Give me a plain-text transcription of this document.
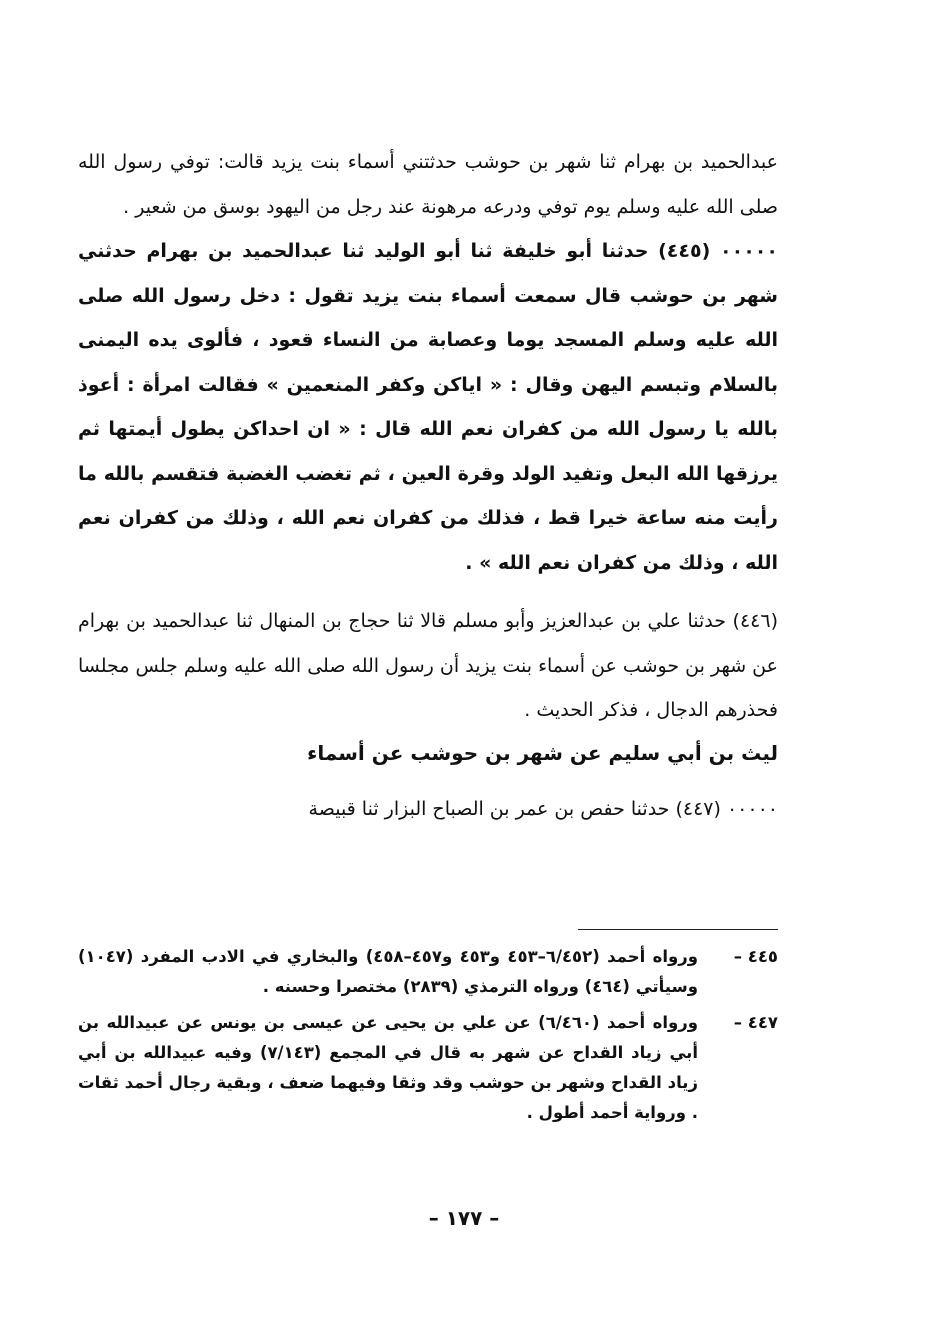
عبدالحميد بن بهرام ثنا شهر بن حوشب حدثتني أسماء بنت يزيد قالت: توفي رسول الله صلى الله عليه وسلم يوم توفي ودرعه مرهونة عند رجل من اليهود بوسق من شعير .

٠٠٠٠٠ (٤٤٥) حدثنا أبو خليفة ثنا أبو الوليد ثنا عبدالحميد بن بهرام حدثني شهر بن حوشب قال سمعت أسماء بنت يزيد تقول : دخل رسول الله صلى الله عليه وسلم المسجد يوما وعصابة من النساء قعود ، فألوى يده اليمنى بالسلام وتبسم اليهن وقال : « اياكن وكفر المنعمين » فقالت امرأة : أعوذ بالله يا رسول الله من كفران نعم الله قال : « ان احداكن يطول أيمتها ثم يرزقها الله البعل وتفيد الولد وقرة العين ، ثم تغضب الغضبة فتقسم بالله ما رأيت منه ساعة خيرا قط ، فذلك من كفران نعم الله ، وذلك من كفران نعم الله ، وذلك من كفران نعم الله » .

(٤٤٦) حدثنا علي بن عبدالعزيز وأبو مسلم قالا ثنا حجاج بن المنهال ثنا عبدالحميد بن بهرام عن شهر بن حوشب عن أسماء بنت يزيد أن رسول الله صلى الله عليه وسلم جلس مجلسا فحذرهم الدجال ، فذكر الحديث .

ليث بن أبي سليم عن شهر بن حوشب عن أسماء

٠٠٠٠٠ (٤٤٧) حدثنا حفص بن عمر بن الصباح البزار ثنا قبيصة

٤٤٥ –
ورواه أحمد (٦/٤٥٢–٤٥٣ و٤٥٣ و٤٥٧–٤٥٨) والبخاري في الادب المفرد (١٠٤٧) وسيأتي (٤٦٤) ورواه الترمذي (٢٨٣٩) مختصرا وحسنه .
٤٤٧ –
ورواه أحمد (٦/٤٦٠) عن علي بن يحيى عن عيسى بن يونس عن عبيدالله بن أبي زياد القداح عن شهر به قال في المجمع (٧/١٤٣) وفيه عبيدالله بن أبي زياد القداح وشهر بن حوشب وقد وثقا وفيهما ضعف ، وبقية رجال أحمد ثقات . ورواية أحمد أطول .
– ١٧٧ –
